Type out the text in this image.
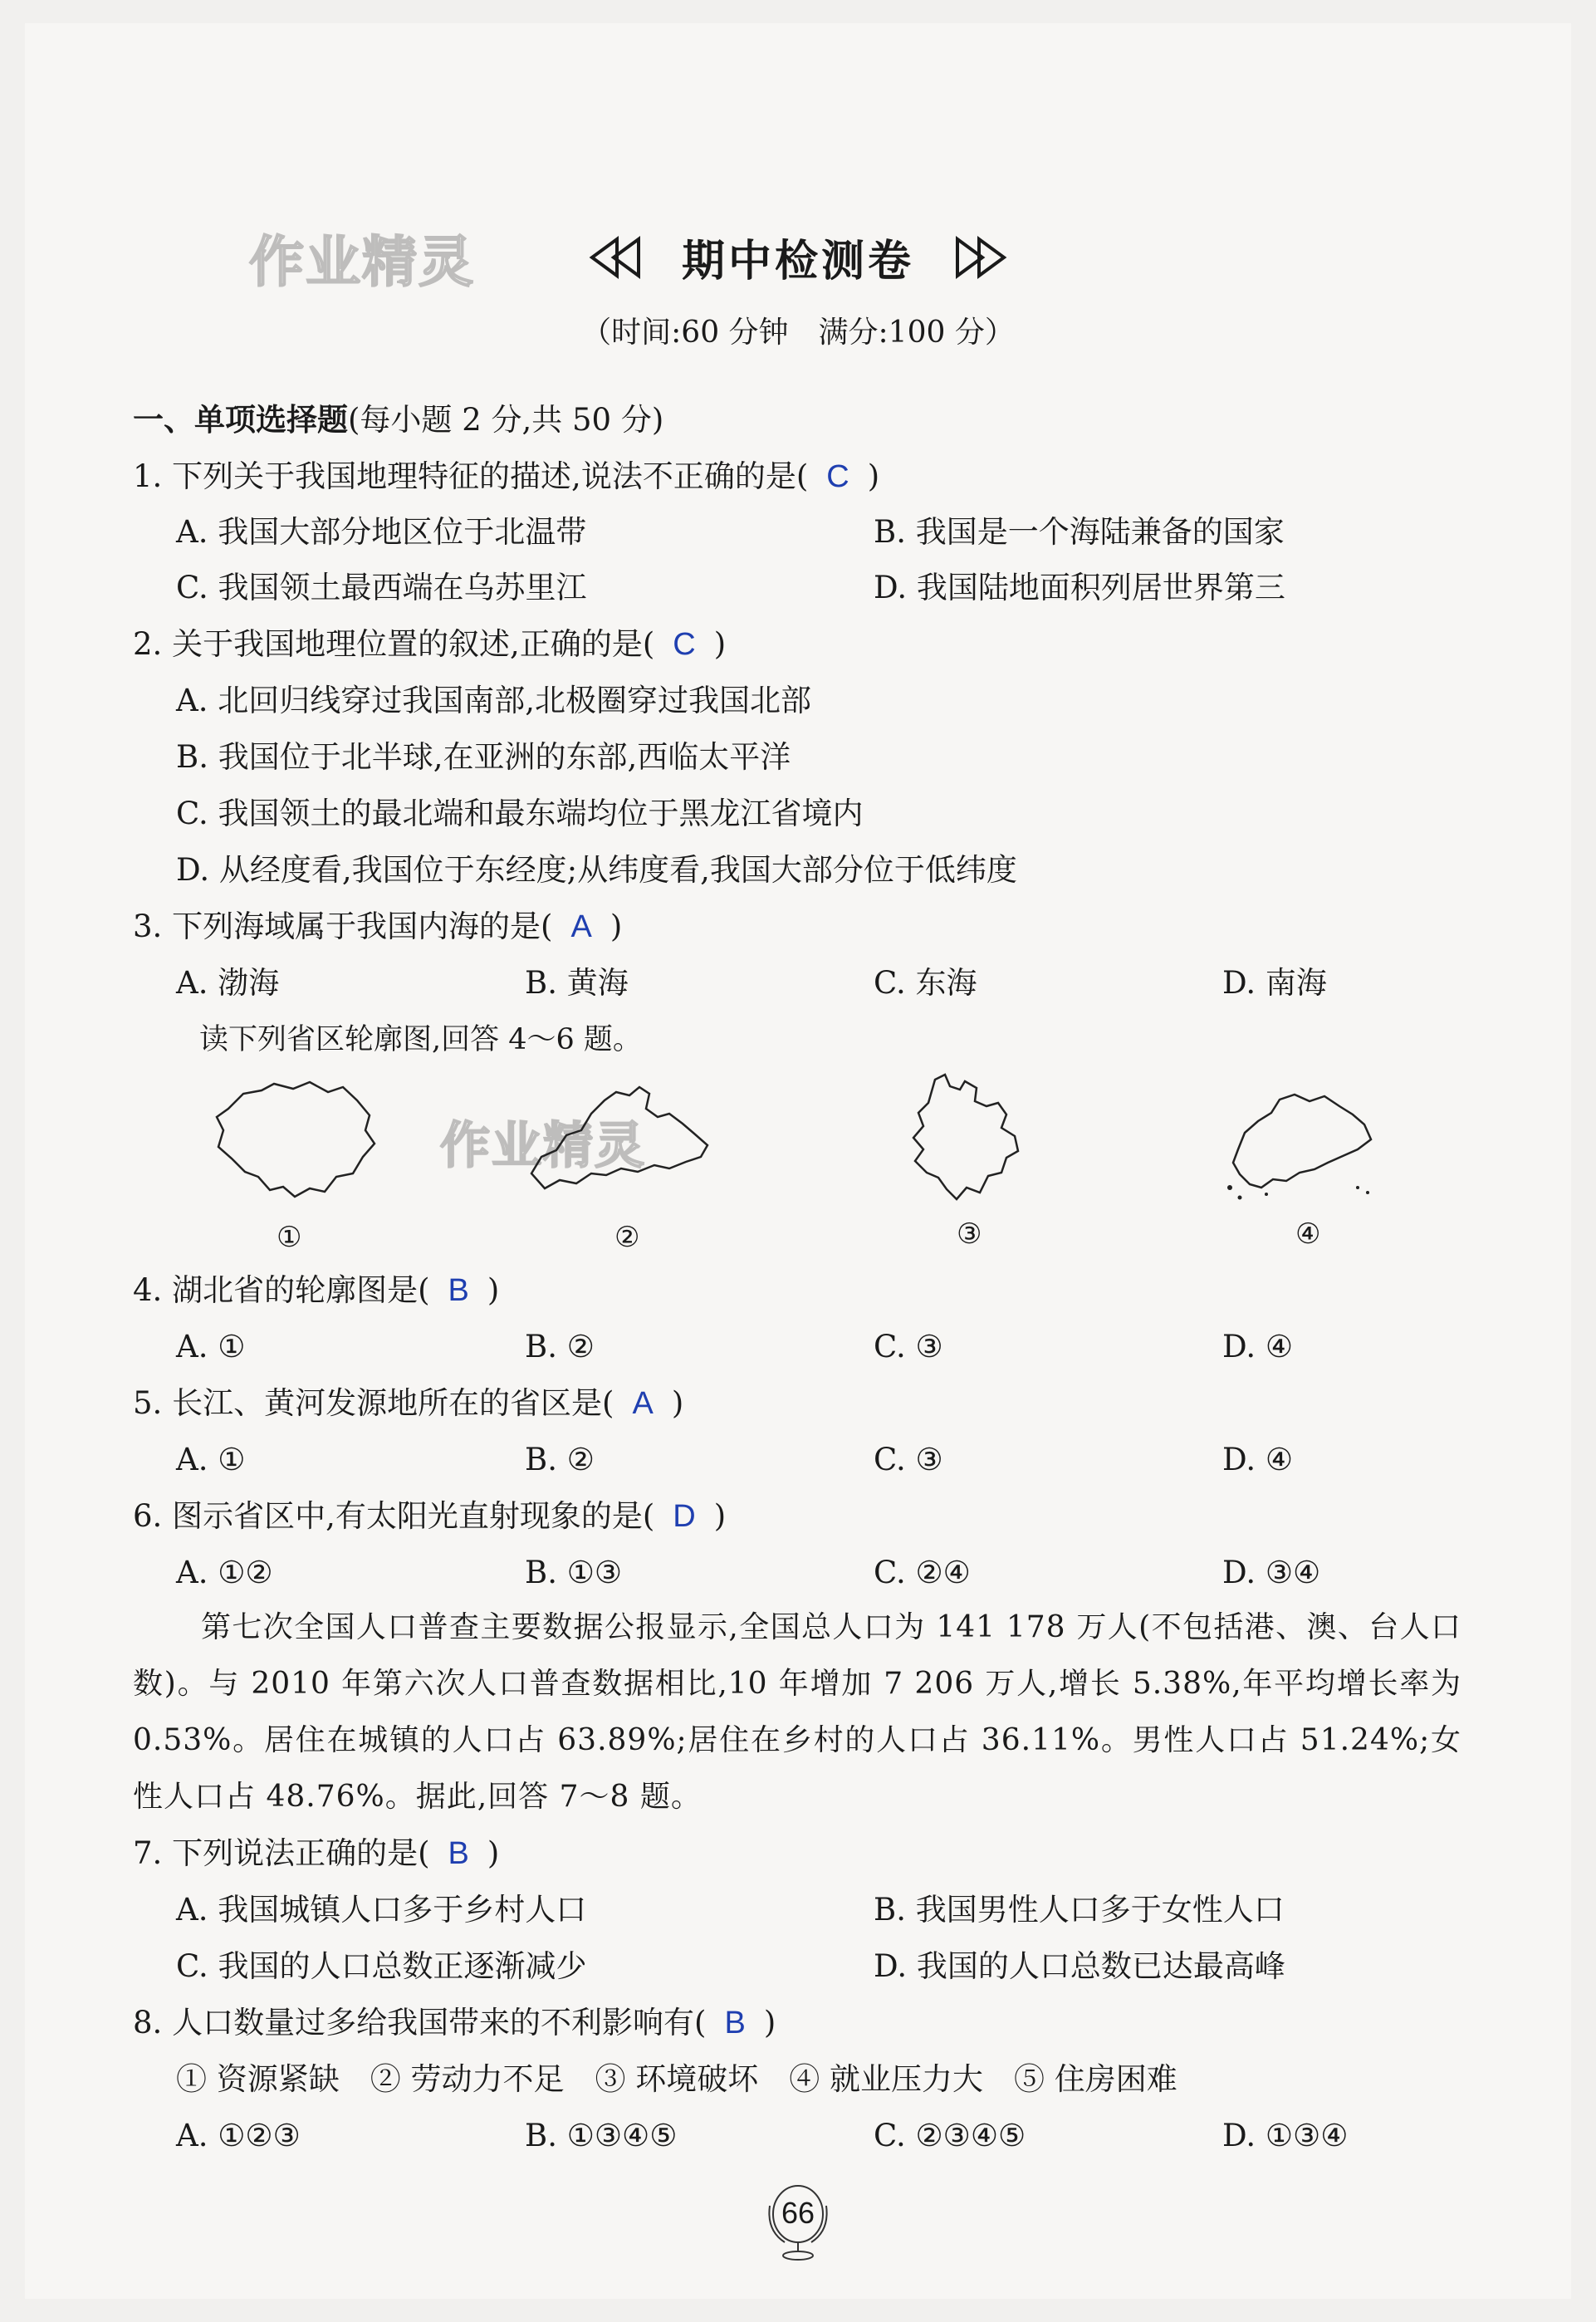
作业精灵
作业精灵
期中检测卷
（时间:60 分钟　满分:100 分）
一、单项选择题(每小题 2 分,共 50 分)
1. 下列关于我国地理特征的描述,说法不正确的是( C )
A. 我国大部分地区位于北温带	B. 我国是一个海陆兼备的国家
C. 我国领土最西端在乌苏里江	D. 我国陆地面积列居世界第三
2. 关于我国地理位置的叙述,正确的是( C )
A. 北回归线穿过我国南部,北极圈穿过我国北部
B. 我国位于北半球,在亚洲的东部,西临太平洋
C. 我国领土的最北端和最东端均位于黑龙江省境内
D. 从经度看,我国位于东经度;从纬度看,我国大部分位于低纬度
3. 下列海域属于我国内海的是( A )
A. 渤海	B. 黄海	C. 东海	D. 南海
读下列省区轮廓图,回答 4～6 题。
①	②	③	④
4. 湖北省的轮廓图是( B )
A. ①	B. ②	C. ③	D. ④
5. 长江、黄河发源地所在的省区是( A )
A. ①	B. ②	C. ③	D. ④
6. 图示省区中,有太阳光直射现象的是( D )
A. ①②	B. ①③	C. ②④	D. ③④
第七次全国人口普查主要数据公报显示,全国总人口为 141 178 万人(不包括港、澳、台人口数)。与 2010 年第六次人口普查数据相比,10 年增加 7 206 万人,增长 5.38%,年平均增长率为 0.53%。居住在城镇的人口占 63.89%;居住在乡村的人口占 36.11%。男性人口占 51.24%;女性人口占 48.76%。据此,回答 7～8 题。
7. 下列说法正确的是( B )
A. 我国城镇人口多于乡村人口	B. 我国男性人口多于女性人口
C. 我国的人口总数正逐渐减少	D. 我国的人口总数已达最高峰
8. 人口数量过多给我国带来的不利影响有( B )
① 资源紧缺　② 劳动力不足　③ 环境破坏　④ 就业压力大　⑤ 住房困难
A. ①②③	B. ①③④⑤	C. ②③④⑤	D. ①③④
66
